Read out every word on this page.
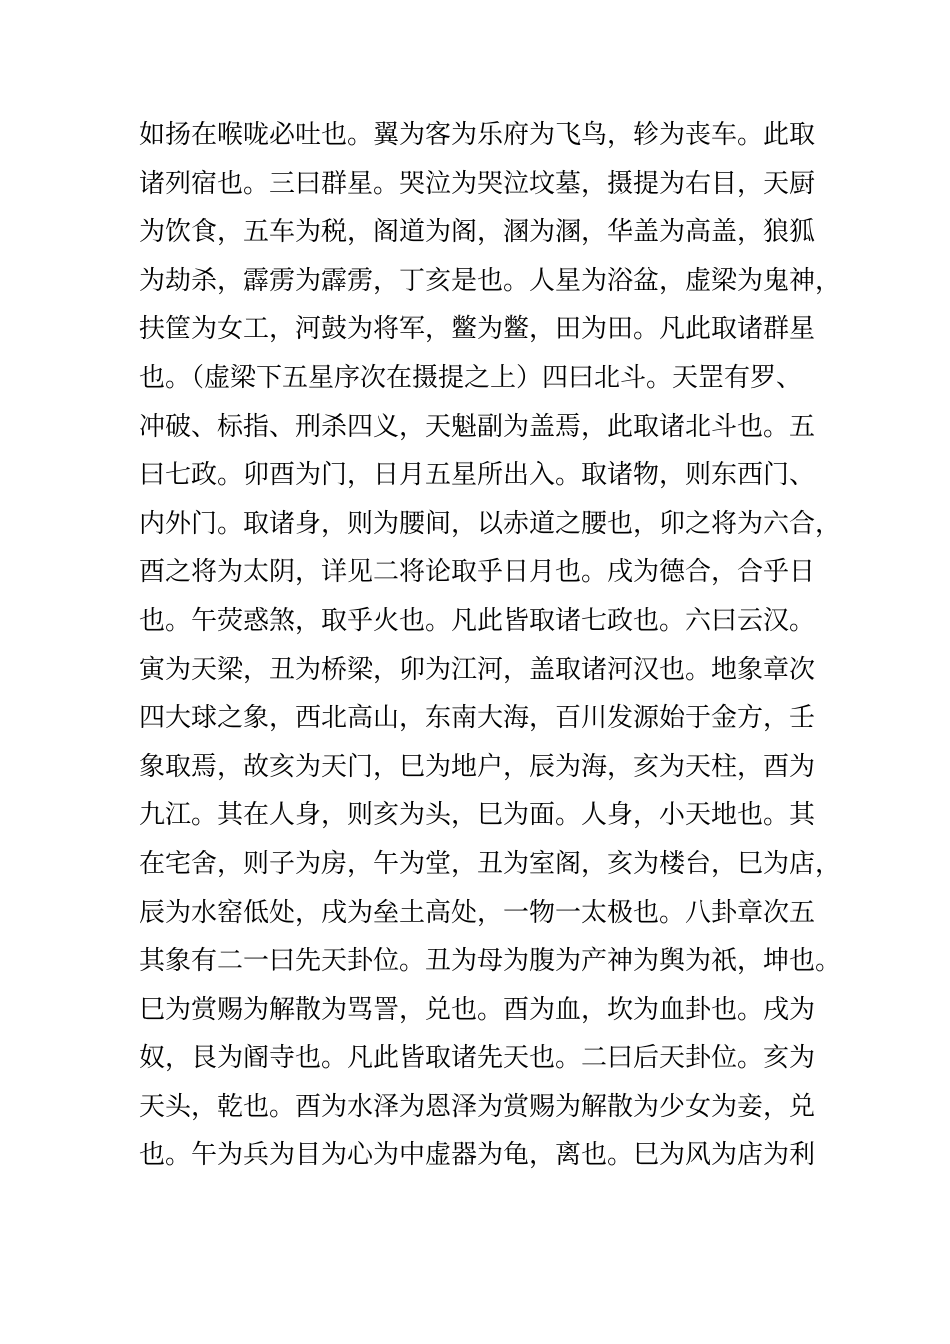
如扬在喉咙必吐也。翼为客为乐府为飞鸟，轸为丧车。此取
诸列宿也。三曰群星。哭泣为哭泣坟墓，摄提为右目，天厨
为饮食，五车为税，阁道为阁，溷为溷，华盖为高盖，狼狐
为劫杀，霹雳为霹雳，丁亥是也。人星为浴盆，虚梁为鬼神，
扶筐为女工，河鼓为将军，鳖为鳖，田为田。凡此取诸群星
也。（虚梁下五星序次在摄提之上）四曰北斗。天罡有罗、
冲破、标指、刑杀四义，天魁副为盖焉，此取诸北斗也。五
曰七政。卯酉为门，日月五星所出入。取诸物，则东西门、
内外门。取诸身，则为腰间，以赤道之腰也，卯之将为六合，
酉之将为太阴，详见二将论取乎日月也。戌为德合，合乎日
也。午荧惑煞，取乎火也。凡此皆取诸七政也。六曰云汉。
寅为天梁，丑为桥梁，卯为江河，盖取诸河汉也。地象章次
四大球之象，西北高山，东南大海，百川发源始于金方，壬
象取焉，故亥为天门，巳为地户，辰为海，亥为天柱，酉为
九江。其在人身，则亥为头，巳为面。人身，小天地也。其
在宅舍，则子为房，午为堂，丑为室阁，亥为楼台，巳为店，
辰为水窑低处，戌为垒土高处，一物一太极也。八卦章次五
其象有二一曰先天卦位。丑为母为腹为产神为舆为祇，坤也。
巳为赏赐为解散为骂詈，兑也。酉为血，坎为血卦也。戌为
奴，艮为阍寺也。凡此皆取诸先天也。二曰后天卦位。亥为
天头，乾也。酉为水泽为恩泽为赏赐为解散为少女为妾，兑
也。午为兵为目为心为中虚器为龟，离也。巳为风为店为利
